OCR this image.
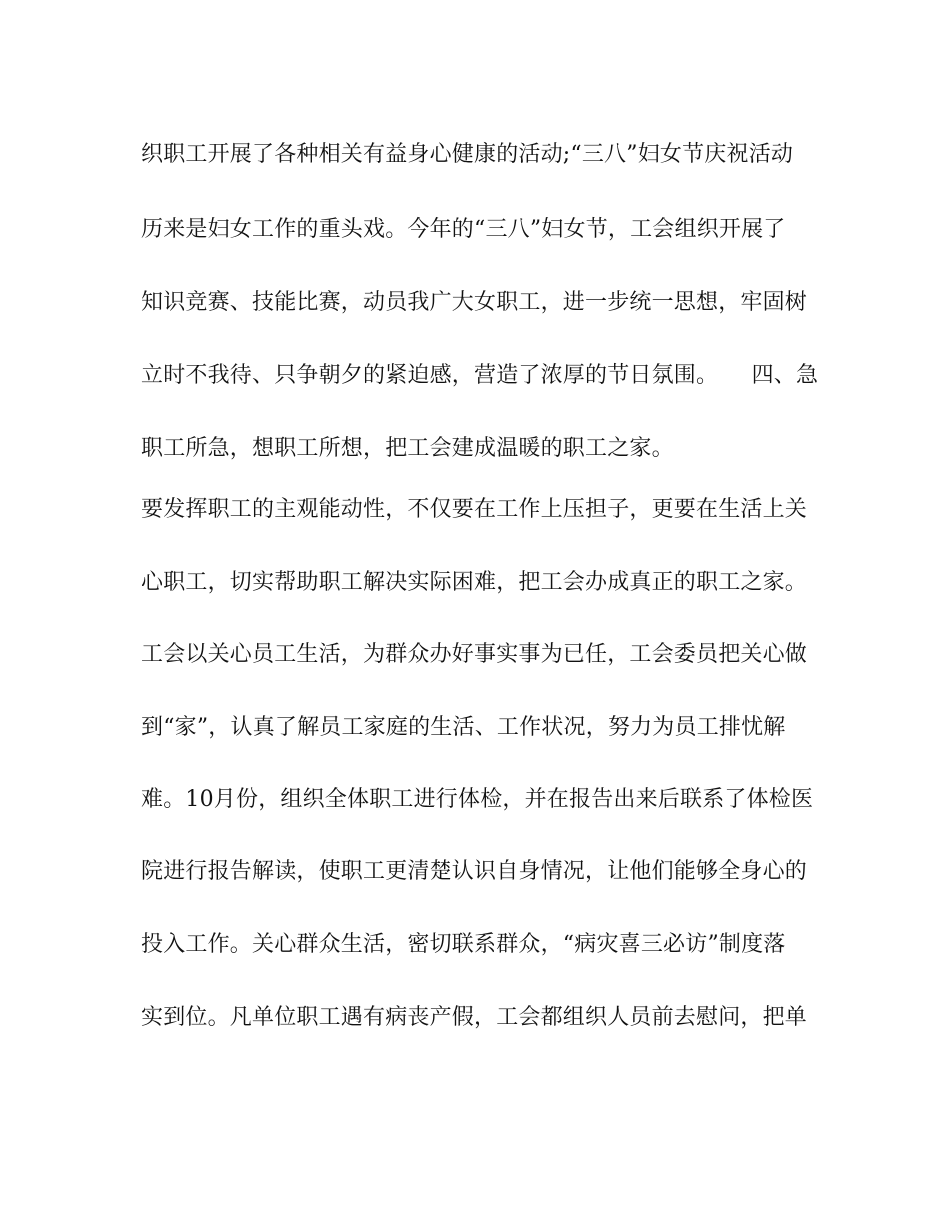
织职工开展了各种相关有益身心健康的活动;“三八”妇女节庆祝活动
历来是妇女工作的重头戏。今年的“三八”妇女节，工会组织开展了
知识竞赛、技能比赛，动员我广大女职工，进一步统一思想，牢固树
立时不我待、只争朝夕的紧迫感，营造了浓厚的节日氛围。　　四、急
职工所急，想职工所想，把工会建成温暖的职工之家。
要发挥职工的主观能动性，不仅要在工作上压担子，更要在生活上关
心职工，切实帮助职工解决实际困难，把工会办成真正的职工之家。
工会以关心员工生活，为群众办好事实事为已任，工会委员把关心做
到“家”，认真了解员工家庭的生活、工作状况，努力为员工排忧解
难。10月份，组织全体职工进行体检，并在报告出来后联系了体检医
院进行报告解读，使职工更清楚认识自身情况，让他们能够全身心的
投入工作。关心群众生活，密切联系群众，“病灾喜三必访”制度落
实到位。凡单位职工遇有病丧产假，工会都组织人员前去慰问，把单
